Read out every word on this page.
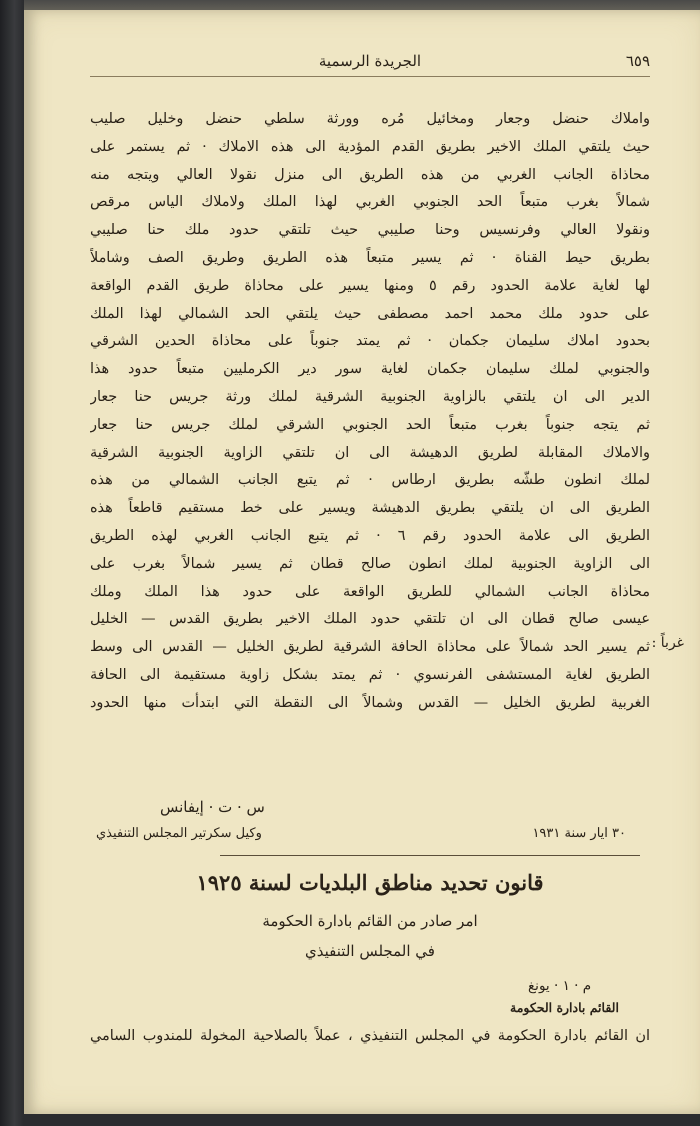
الجريدة الرسمية	٦٥٩
واملاك حنضل وجعار ومخائيل مُره وورثة سلطي حنضل وخليل صليب
حيث يلتقي الملك الاخير بطريق القدم المؤدية الى هذه الاملاك · ثم يستمر على
محاذاة الجانب الغربي من هذه الطريق الى منزل نقولا العالي ويتجه منه
شمالاً بغرب متبعاً الحد الجنوبي الغربي لهذا الملك ولاملاك الياس مرقص
ونقولا العالي وفرنسيس وحنا صليبي حيث تلتقي حدود ملك حنا صليبي
بطريق حيط القناة · ثم يسير متبعاً هذه الطريق وطريق الصف وشاملاً
لها لغاية علامة الحدود رقم ٥ ومنها يسير على محاذاة طريق القدم الواقعة
على حدود ملك محمد احمد مصطفى حيث يلتقي الحد الشمالي لهذا الملك
بحدود املاك سليمان جكمان · ثم يمتد جنوباً على محاذاة الحدين الشرقي
والجنوبي لملك سليمان جكمان لغاية سور دير الكرمليين متبعاً حدود هذا
الدير الى ان يلتقي بالزاوية الجنوبية الشرقية لملك ورثة جريس حنا جعار
ثم يتجه جنوباً بغرب متبعاً الحد الجنوبي الشرقي لملك جريس حنا جعار
والاملاك المقابلة لطريق الدهيشة الى ان تلتقي الزاوية الجنوبية الشرقية
لملك انطون طشّه بطريق ارطاس · ثم يتبع الجانب الشمالي من هذه
الطريق الى ان يلتقي بطريق الدهيشة ويسير على خط مستقيم قاطعاً هذه
الطريق الى علامة الحدود رقم ٦ · ثم يتبع الجانب الغربي لهذه الطريق
الى الزاوية الجنوبية لملك انطون صالح قطان ثم يسير شمالاً بغرب على
محاذاة الجانب الشمالي للطريق الواقعة على حدود هذا الملك وملك
عيسى صالح قطان الى ان تلتقي حدود الملك الاخير بطريق القدس — الخليل
ثم يسير الحد شمالاً على محاذاة الحافة الشرقية لطريق الخليل — القدس الى وسط
الطريق لغاية المستشفى الفرنسوي · ثم يمتد بشكل زاوية مستقيمة الى الحافة
الغربية لطريق الخليل — القدس وشمالاً الى النقطة التي ابتدأت منها الحدود
غرباً :
س · ت · إيفانس
وكيل سكرتير المجلس التنفيذي	٣٠ ايار سنة ١٩٣١
قانون تحديد مناطق البلديات لسنة ١٩٢٥
امر صادر من القائم بادارة الحكومة
في المجلس التنفيذي
م · ١ · يونغ
القائم بادارة الحكومة
ان القائم بادارة الحكومة في المجلس التنفيذي ، عملاً بالصلاحية المخولة للمندوب السامي
